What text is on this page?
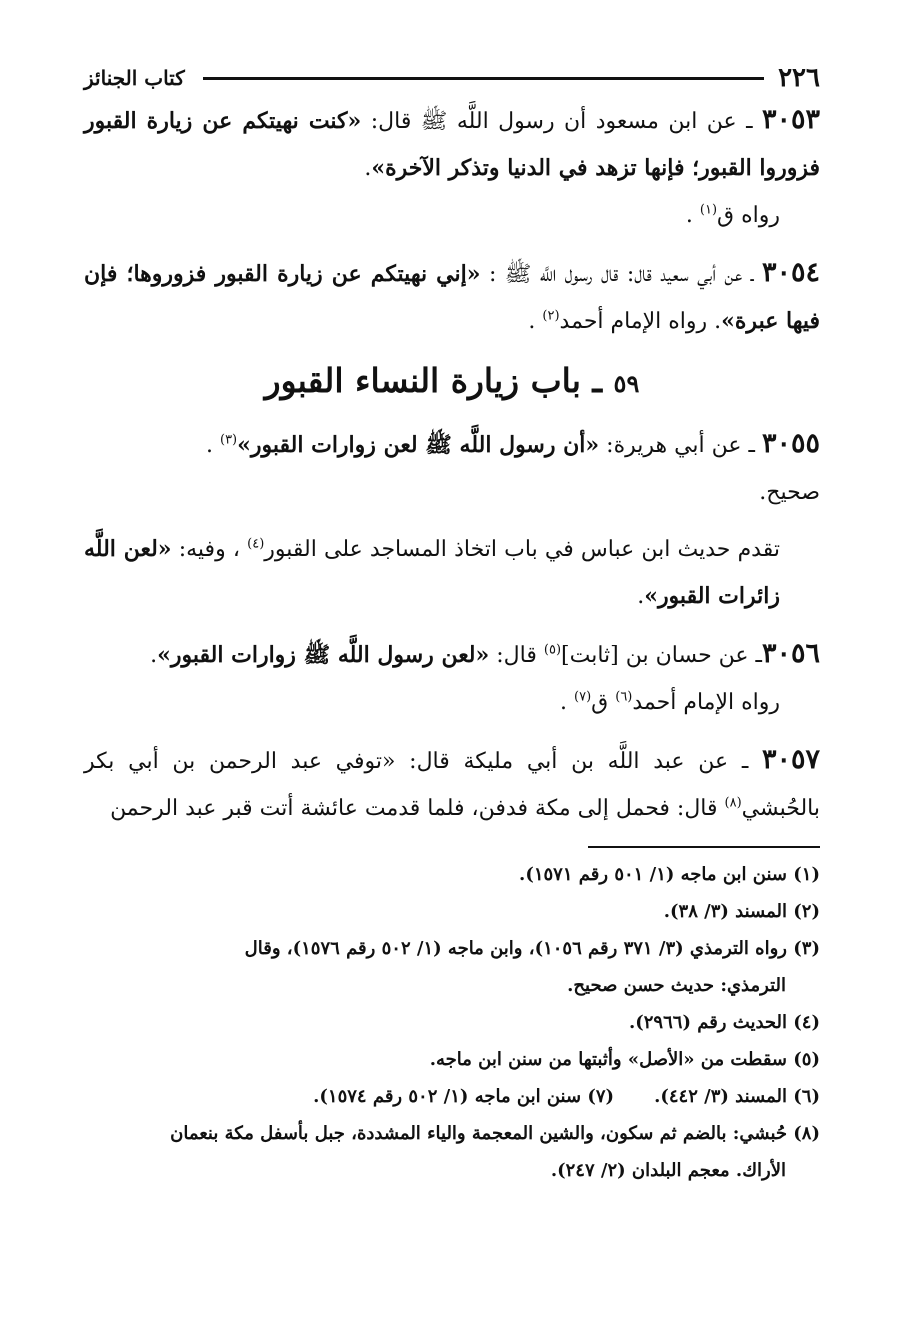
٢٢٦
كتاب الجنائز
٣٠٥٣ ـ عن ابن مسعود أن رسول اللَّه ﷺ قال: «كنت نهيتكم عن زيارة القبور فزوروا القبور؛ فإنها تزهد في الدنيا وتذكر الآخرة».
رواه ق$^{(١)}$ .
٣٠٥٤ ـ عن أبي سعيد قال: قال رسول اللَّه ﷺ : «إني نهيتكم عن زيارة القبور فزوروها؛ فإن فيها عبرة». رواه الإمام أحمد$^{(٢)}$ .
٥٩ ـ باب زيارة النساء القبور
٣٠٥٥ ـ عن أبي هريرة: «أن رسول اللَّه ﷺ لعن زوارات القبور»$^{(٣)}$ .
صحيح.
تقدم حديث ابن عباس في باب اتخاذ المساجد على القبور$^{(٤)}$ ، وفيه: «لعن اللَّه زائرات القبور».
٣٠٥٦ـ عن حسان بن [ثابت]$^{(٥)}$ قال: «لعن رسول اللَّه ﷺ زوارات القبور».
رواه الإمام أحمد$^{(٦)}$ ق$^{(٧)}$ .
٣٠٥٧ ـ عن عبد اللَّه بن أبي مليكة قال: «توفي عبد الرحمن بن أبي بكر بالحُبشي$^{(٨)}$ قال: فحمل إلى مكة فدفن، فلما قدمت عائشة أتت قبر عبد الرحمن
(١) سنن ابن ماجه (١/ ٥٠١ رقم ١٥٧١).
(٢) المسند (٣/ ٣٨).
(٣) رواه الترمذي (٣/ ٣٧١ رقم ١٠٥٦)، وابن ماجه (١/ ٥٠٢ رقم ١٥٧٦)، وقال
الترمذي: حديث حسن صحيح.
(٤) الحديث رقم (٢٩٦٦).
(٥) سقطت من «الأصل» وأثبتها من سنن ابن ماجه.
(٦) المسند (٣/ ٤٤٢).
(٧) سنن ابن ماجه (١/ ٥٠٢ رقم ١٥٧٤).
(٨) حُبشي: بالضم ثم سكون، والشين المعجمة والياء المشددة، جبل بأسفل مكة بنعمان
الأراك. معجم البلدان (٢/ ٢٤٧).
